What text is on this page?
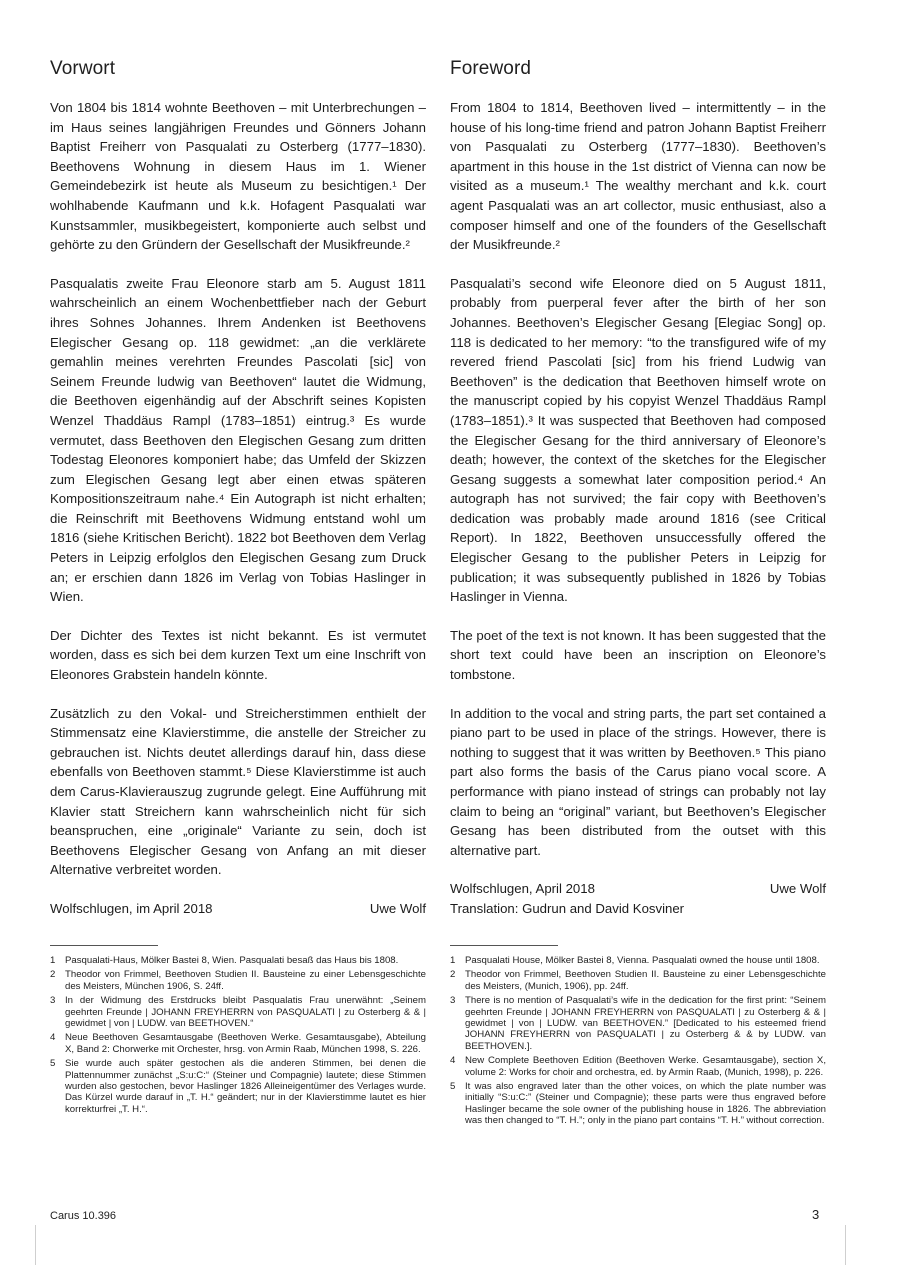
Vorwort

Von 1804 bis 1814 wohnte Beethoven – mit Unterbrechungen – im Haus seines langjährigen Freundes und Gönners Johann Baptist Freiherr von Pasqualati zu Osterberg (1777–1830). Beethovens Wohnung in diesem Haus im 1. Wiener Gemeindebezirk ist heute als Museum zu besichtigen.¹ Der wohlhabende Kaufmann und k.k. Hofagent Pasqualati war Kunstsammler, musikbegeistert, komponierte auch selbst und gehörte zu den Gründern der Gesellschaft der Musikfreunde.²

Pasqualatis zweite Frau Eleonore starb am 5. August 1811 wahrscheinlich an einem Wochenbettfieber nach der Geburt ihres Sohnes Johannes. Ihrem Andenken ist Beethovens Elegischer Gesang op. 118 gewidmet: „an die verklärete gemahlin meines verehrten Freundes Pascolati [sic] von Seinem Freunde ludwig van Beethoven“ lautet die Widmung, die Beethoven eigenhändig auf der Abschrift seines Kopisten Wenzel Thaddäus Rampl (1783–1851) eintrug.³ Es wurde vermutet, dass Beethoven den Elegischen Gesang zum dritten Todestag Eleonores komponiert habe; das Umfeld der Skizzen zum Elegischen Gesang legt aber einen etwas späteren Kompositionszeitraum nahe.⁴ Ein Autograph ist nicht erhalten; die Reinschrift mit Beethovens Widmung entstand wohl um 1816 (siehe Kritischen Bericht). 1822 bot Beethoven dem Verlag Peters in Leipzig erfolglos den Elegischen Gesang zum Druck an; er erschien dann 1826 im Verlag von Tobias Haslinger in Wien.

Der Dichter des Textes ist nicht bekannt. Es ist vermutet worden, dass es sich bei dem kurzen Text um eine Inschrift von Eleonores Grabstein handeln könnte.

Zusätzlich zu den Vokal- und Streicherstimmen enthielt der Stimmensatz eine Klavierstimme, die anstelle der Streicher zu gebrauchen ist. Nichts deutet allerdings darauf hin, dass diese ebenfalls von Beethoven stammt.⁵ Diese Klavierstimme ist auch dem Carus-Klavierauszug zugrunde gelegt. Eine Aufführung mit Klavier statt Streichern kann wahrscheinlich nicht für sich beanspruchen, eine „originale“ Variante zu sein, doch ist Beethovens Elegischer Gesang von Anfang an mit dieser Alternative verbreitet worden.

Wolfschlugen, im April 2018	Uwe Wolf
Foreword

From 1804 to 1814, Beethoven lived – intermittently – in the house of his long-time friend and patron Johann Baptist Freiherr von Pasqualati zu Osterberg (1777–1830). Beethoven’s apartment in this house in the 1st district of Vienna can now be visited as a museum.¹ The wealthy merchant and k.k. court agent Pasqualati was an art collector, music enthusiast, also a composer himself and one of the founders of the Gesellschaft der Musikfreunde.²

Pasqualati’s second wife Eleonore died on 5 August 1811, probably from puerperal fever after the birth of her son Johannes. Beethoven’s Elegischer Gesang [Elegiac Song] op. 118 is dedicated to her memory: “to the transfigured wife of my revered friend Pascolati [sic] from his friend Ludwig van Beethoven” is the dedication that Beethoven himself wrote on the manuscript copied by his copyist Wenzel Thaddäus Rampl (1783–1851).³ It was suspected that Beethoven had composed the Elegischer Gesang for the third anniversary of Eleonore’s death; however, the context of the sketches for the Elegischer Gesang suggests a somewhat later composition period.⁴ An autograph has not survived; the fair copy with Beethoven’s dedication was probably made around 1816 (see Critical Report). In 1822, Beethoven unsuccessfully offered the Elegischer Gesang to the publisher Peters in Leipzig for publication; it was subsequently published in 1826 by Tobias Haslinger in Vienna.

The poet of the text is not known. It has been suggested that the short text could have been an inscription on Eleonore’s tombstone.

In addition to the vocal and string parts, the part set contained a piano part to be used in place of the strings. However, there is nothing to suggest that it was written by Beethoven.⁵ This piano part also forms the basis of the Carus piano vocal score. A performance with piano instead of strings can probably not lay claim to being an “original” variant, but Beethoven’s Elegischer Gesang has been distributed from the outset with this alternative part.

Wolfschlugen, April 2018	Uwe Wolf
Translation: Gudrun and David Kosviner
1	Pasqualati-Haus, Mölker Bastei 8, Wien. Pasqualati besaß das Haus bis 1808.
2	Theodor von Frimmel, Beethoven Studien II. Bausteine zu einer Lebensgeschichte des Meisters, München 1906, S. 24ff.
3	In der Widmung des Erstdrucks bleibt Pasqualatis Frau unerwähnt: „Seinem geehrten Freunde | JOHANN FREYHERRN von PASQUALATI | zu Osterberg & & | gewidmet | von | LUDW. van BEETHOVEN.“
4	Neue Beethoven Gesamtausgabe (Beethoven Werke. Gesamtausgabe), Abteilung X, Band 2: Chorwerke mit Orchester, hrsg. von Armin Raab, München 1998, S. 226.
5	Sie wurde auch später gestochen als die anderen Stimmen, bei denen die Plattennummer zunächst „S:u:C:“ (Steiner und Compagnie) lautete; diese Stimmen wurden also gestochen, bevor Haslinger 1826 Alleineigentümer des Verlages wurde. Das Kürzel wurde darauf in „T. H.“ geändert; nur in der Klavierstimme lautet es hier korrekturfrei „T. H.“.
1	Pasqualati House, Mölker Bastei 8, Vienna. Pasqualati owned the house until 1808.
2	Theodor von Frimmel, Beethoven Studien II. Bausteine zu einer Lebensgeschichte des Meisters, (Munich, 1906), pp. 24ff.
3	There is no mention of Pasqualati’s wife in the dedication for the first print: “Seinem geehrten Freunde | JOHANN FREYHERRN von PASQUALATI | zu Osterberg & & | gewidmet | von | LUDW. van BEETHOVEN.” [Dedicated to his esteemed friend JOHANN FREYHERRN von PASQUALATI | zu Osterberg & & by LUDW. van BEETHOVEN.].
4	New Complete Beethoven Edition (Beethoven Werke. Gesamtausgabe), section X, volume 2: Works for choir and orchestra, ed. by Armin Raab, (Munich, 1998), p. 226.
5	It was also engraved later than the other voices, on which the plate number was initially “S:u:C:” (Steiner und Compagnie); these parts were thus engraved before Haslinger became the sole owner of the publishing house in 1826. The abbreviation was then changed to “T. H.”; only in the piano part contains “T. H.” without correction.
Carus 10.396	3
